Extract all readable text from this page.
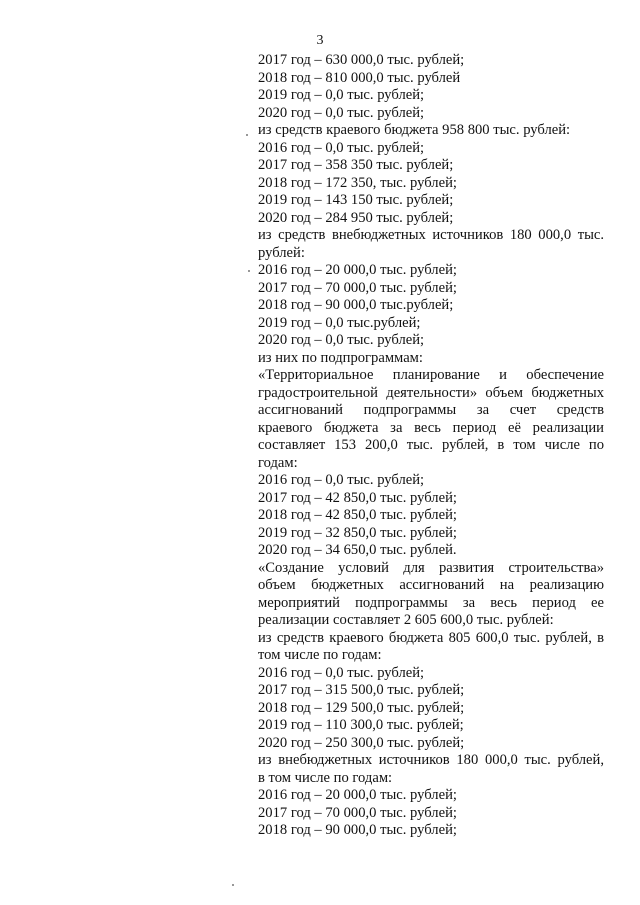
3
2017 год – 630 000,0 тыс. рублей;
2018 год – 810 000,0 тыс. рублей
2019 год – 0,0 тыс. рублей;
2020 год – 0,0 тыс. рублей;
из средств краевого бюджета 958 800 тыс. рублей:
2016 год – 0,0 тыс. рублей;
2017 год – 358 350 тыс. рублей;
2018 год – 172 350, тыс. рублей;
2019 год – 143 150 тыс. рублей;
2020 год – 284 950 тыс. рублей;
из средств внебюджетных источников 180 000,0 тыс.
рублей:
2016 год – 20 000,0 тыс. рублей;
2017 год – 70 000,0 тыс. рублей;
2018 год – 90 000,0 тыс.рублей;
2019 год – 0,0 тыс.рублей;
2020 год – 0,0 тыс. рублей;
из них по подпрограммам:
«Территориальное планирование и обеспечение
градостроительной деятельности» объем бюджетных
ассигнований подпрограммы за счет средств
краевого бюджета за весь период её реализации
составляет 153 200,0 тыс. рублей, в том числе по
годам:
2016 год – 0,0 тыс. рублей;
2017 год – 42 850,0 тыс. рублей;
2018 год – 42 850,0 тыс. рублей;
2019 год – 32 850,0 тыс. рублей;
2020 год – 34 650,0 тыс. рублей.
«Создание условий для развития строительства»
объем бюджетных ассигнований на реализацию
мероприятий подпрограммы за весь период ее
реализации составляет 2 605 600,0 тыс. рублей:
из средств краевого бюджета 805 600,0 тыс. рублей, в
том числе по годам:
2016 год – 0,0 тыс. рублей;
2017 год – 315 500,0 тыс. рублей;
2018 год – 129 500,0 тыс. рублей;
2019 год – 110 300,0 тыс. рублей;
2020 год – 250 300,0 тыс. рублей;
из внебюджетных источников 180 000,0 тыс. рублей,
в том числе по годам:
2016 год – 20 000,0 тыс. рублей;
2017 год – 70 000,0 тыс. рублей;
2018 год – 90 000,0 тыс. рублей;
